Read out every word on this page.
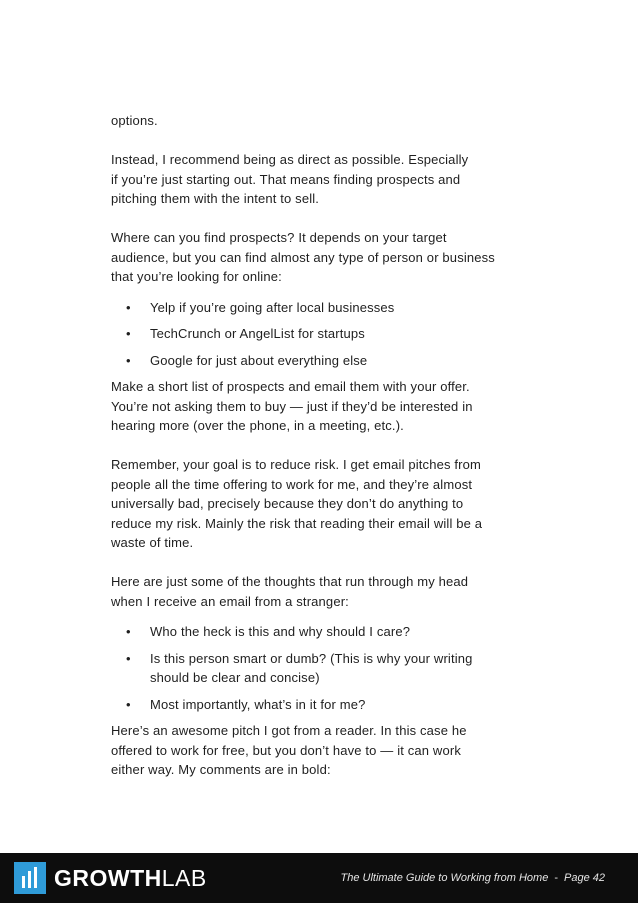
options.

Instead, I recommend being as direct as possible. Especially
if you’re just starting out. That means finding prospects and
pitching them with the intent to sell.

Where can you find prospects? It depends on your target
audience, but you can find almost any type of person or business
that you’re looking for online:

• Yelp if you’re going after local businesses
• TechCrunch or AngelList for startups
• Google for just about everything else

Make a short list of prospects and email them with your offer.
You’re not asking them to buy — just if they’d be interested in
hearing more (over the phone, in a meeting, etc.).

Remember, your goal is to reduce risk. I get email pitches from
people all the time offering to work for me, and they’re almost
universally bad, precisely because they don’t do anything to
reduce my risk. Mainly the risk that reading their email will be a
waste of time.

Here are just some of the thoughts that run through my head
when I receive an email from a stranger:

• Who the heck is this and why should I care?
• Is this person smart or dumb? (This is why your writing
should be clear and concise)
• Most importantly, what’s in it for me?

Here’s an awesome pitch I got from a reader. In this case he
offered to work for free, but you don’t have to — it can work
either way. My comments are in bold:

GROWTHLAB	The Ultimate Guide to Working from Home - Page 42
